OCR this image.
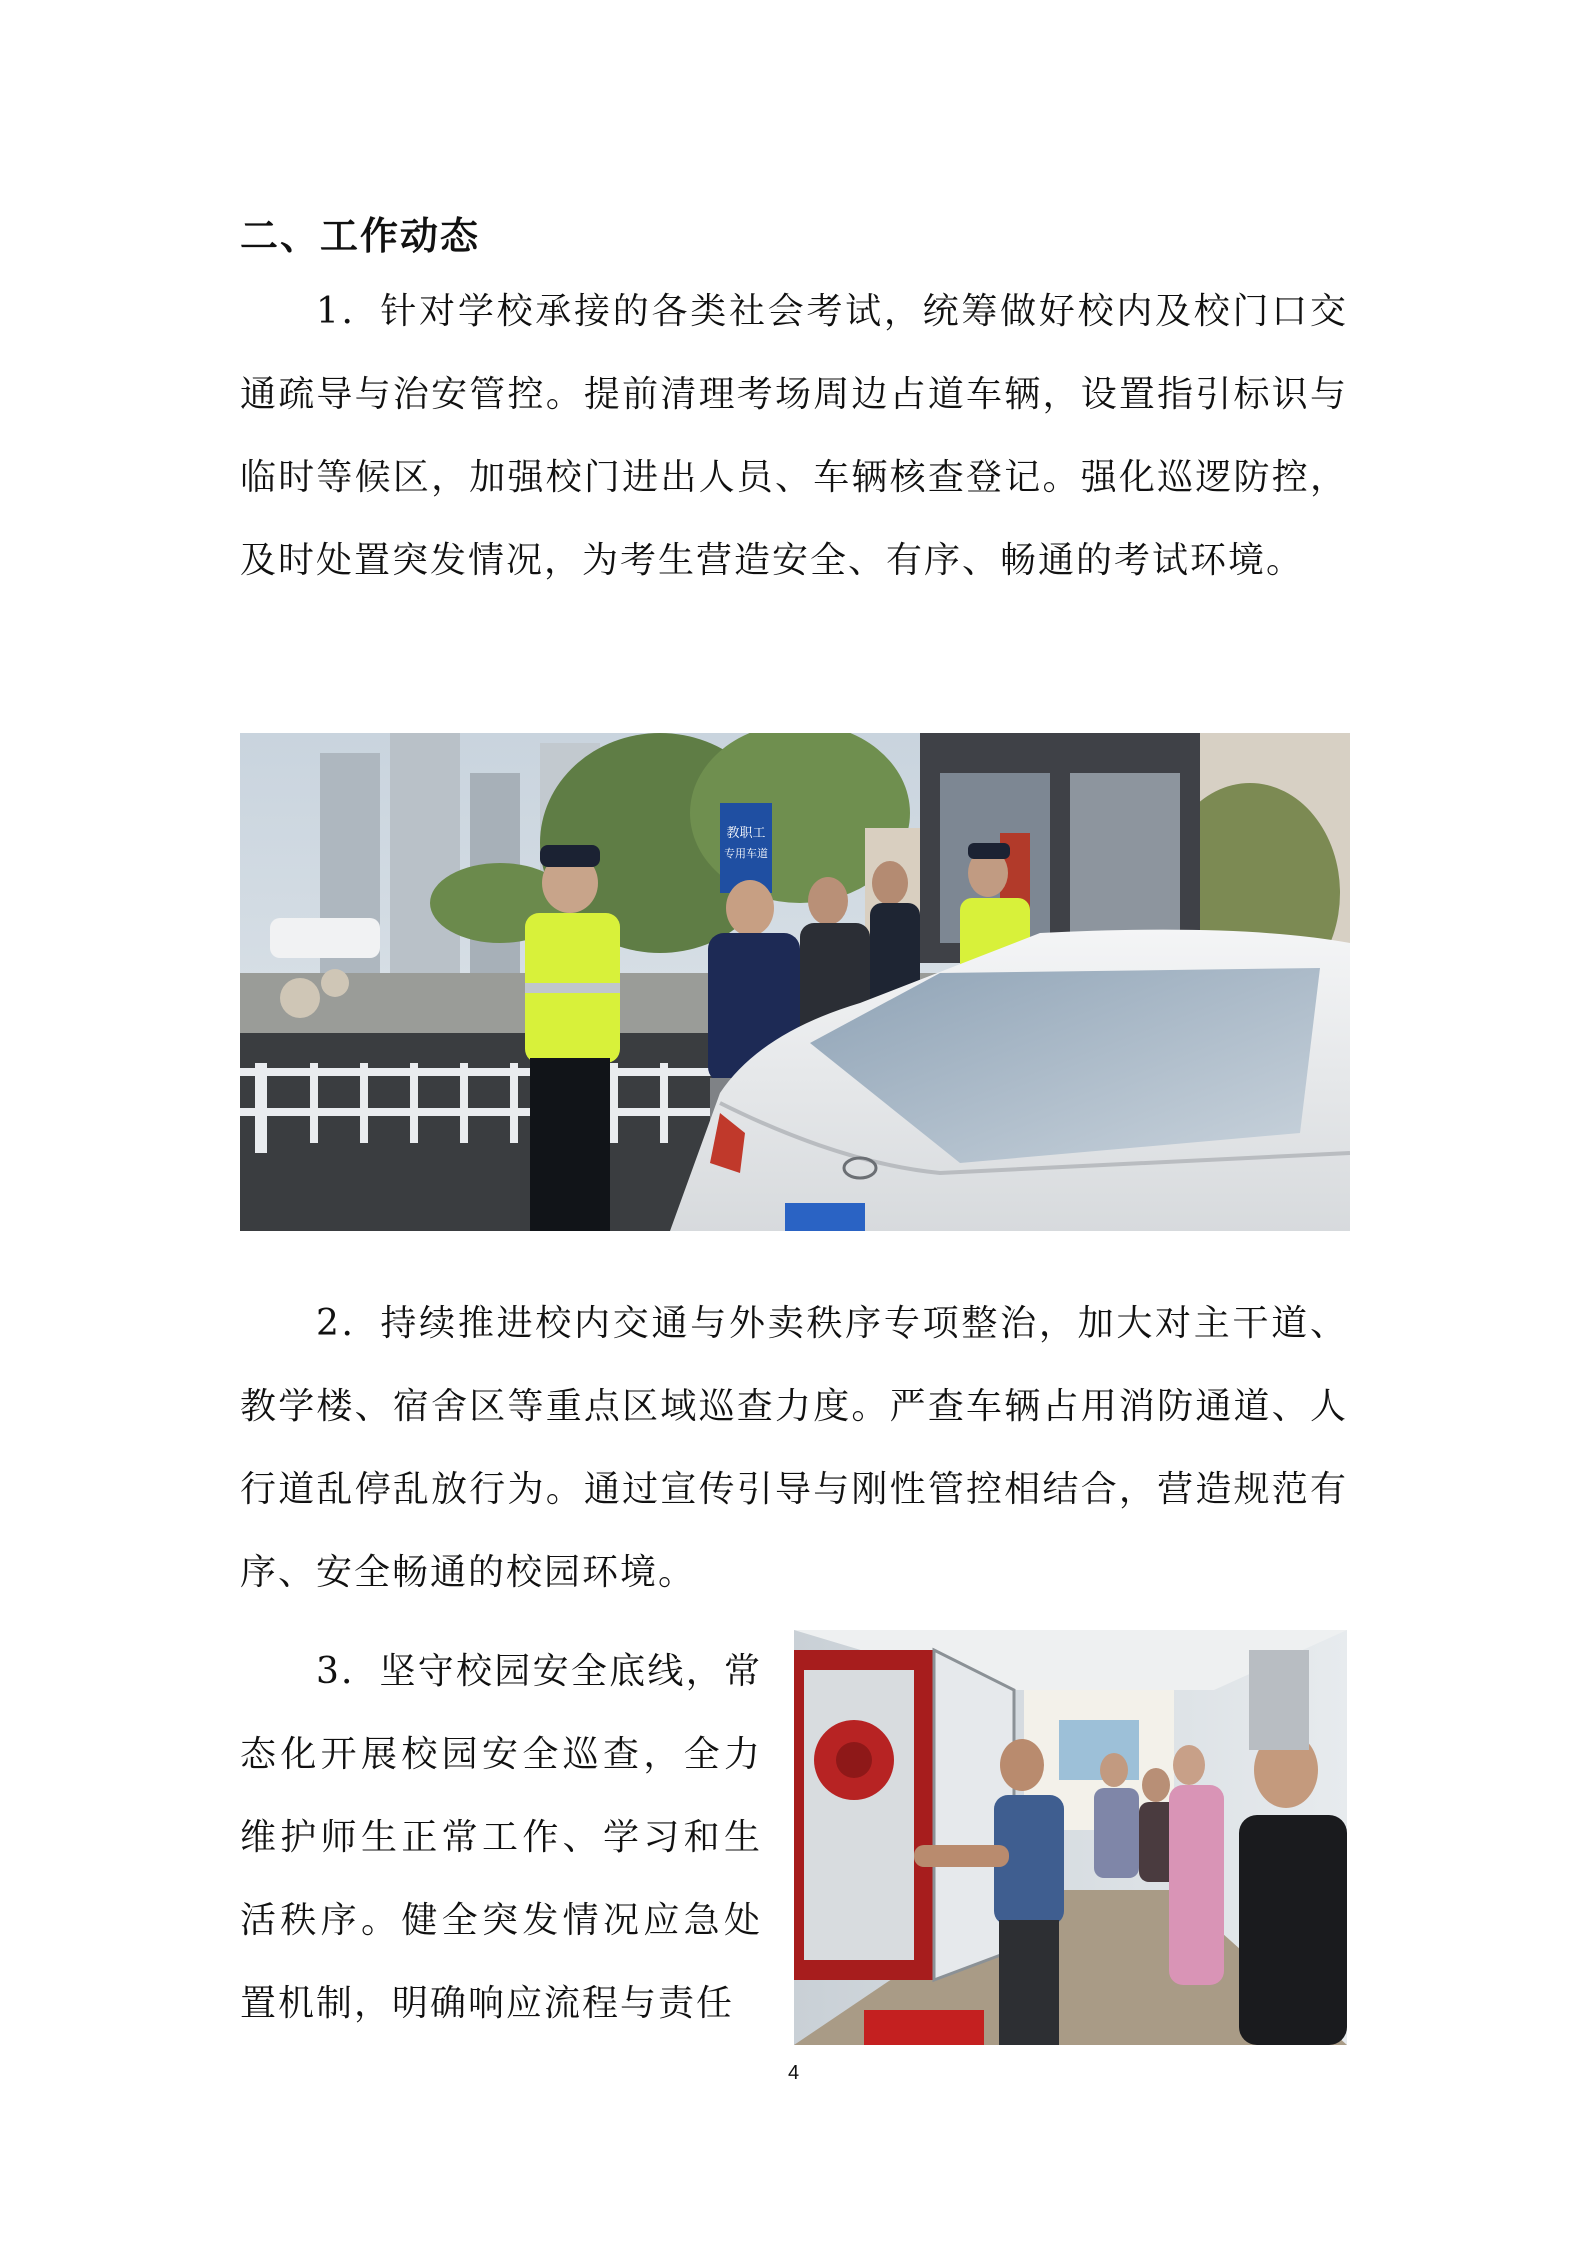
二、工作动态

1．针对学校承接的各类社会考试，统筹做好校内及校门口交通疏导与治安管控。提前清理考场周边占道车辆，设置指引标识与临时等候区，加强校门进出人员、车辆核查登记。强化巡逻防控，及时处置突发情况，为考生营造安全、有序、畅通的考试环境。

教职工
专用车道

2．持续推进校内交通与外卖秩序专项整治，加大对主干道、教学楼、宿舍区等重点区域巡查力度。严查车辆占用消防通道、人行道乱停乱放行为。通过宣传引导与刚性管控相结合，营造规范有序、安全畅通的校园环境。

3．坚守校园安全底线，常态化开展校园安全巡查，全力维护师生正常工作、学习和生活秩序。健全突发情况应急处置机制，明确响应流程与责任

4
